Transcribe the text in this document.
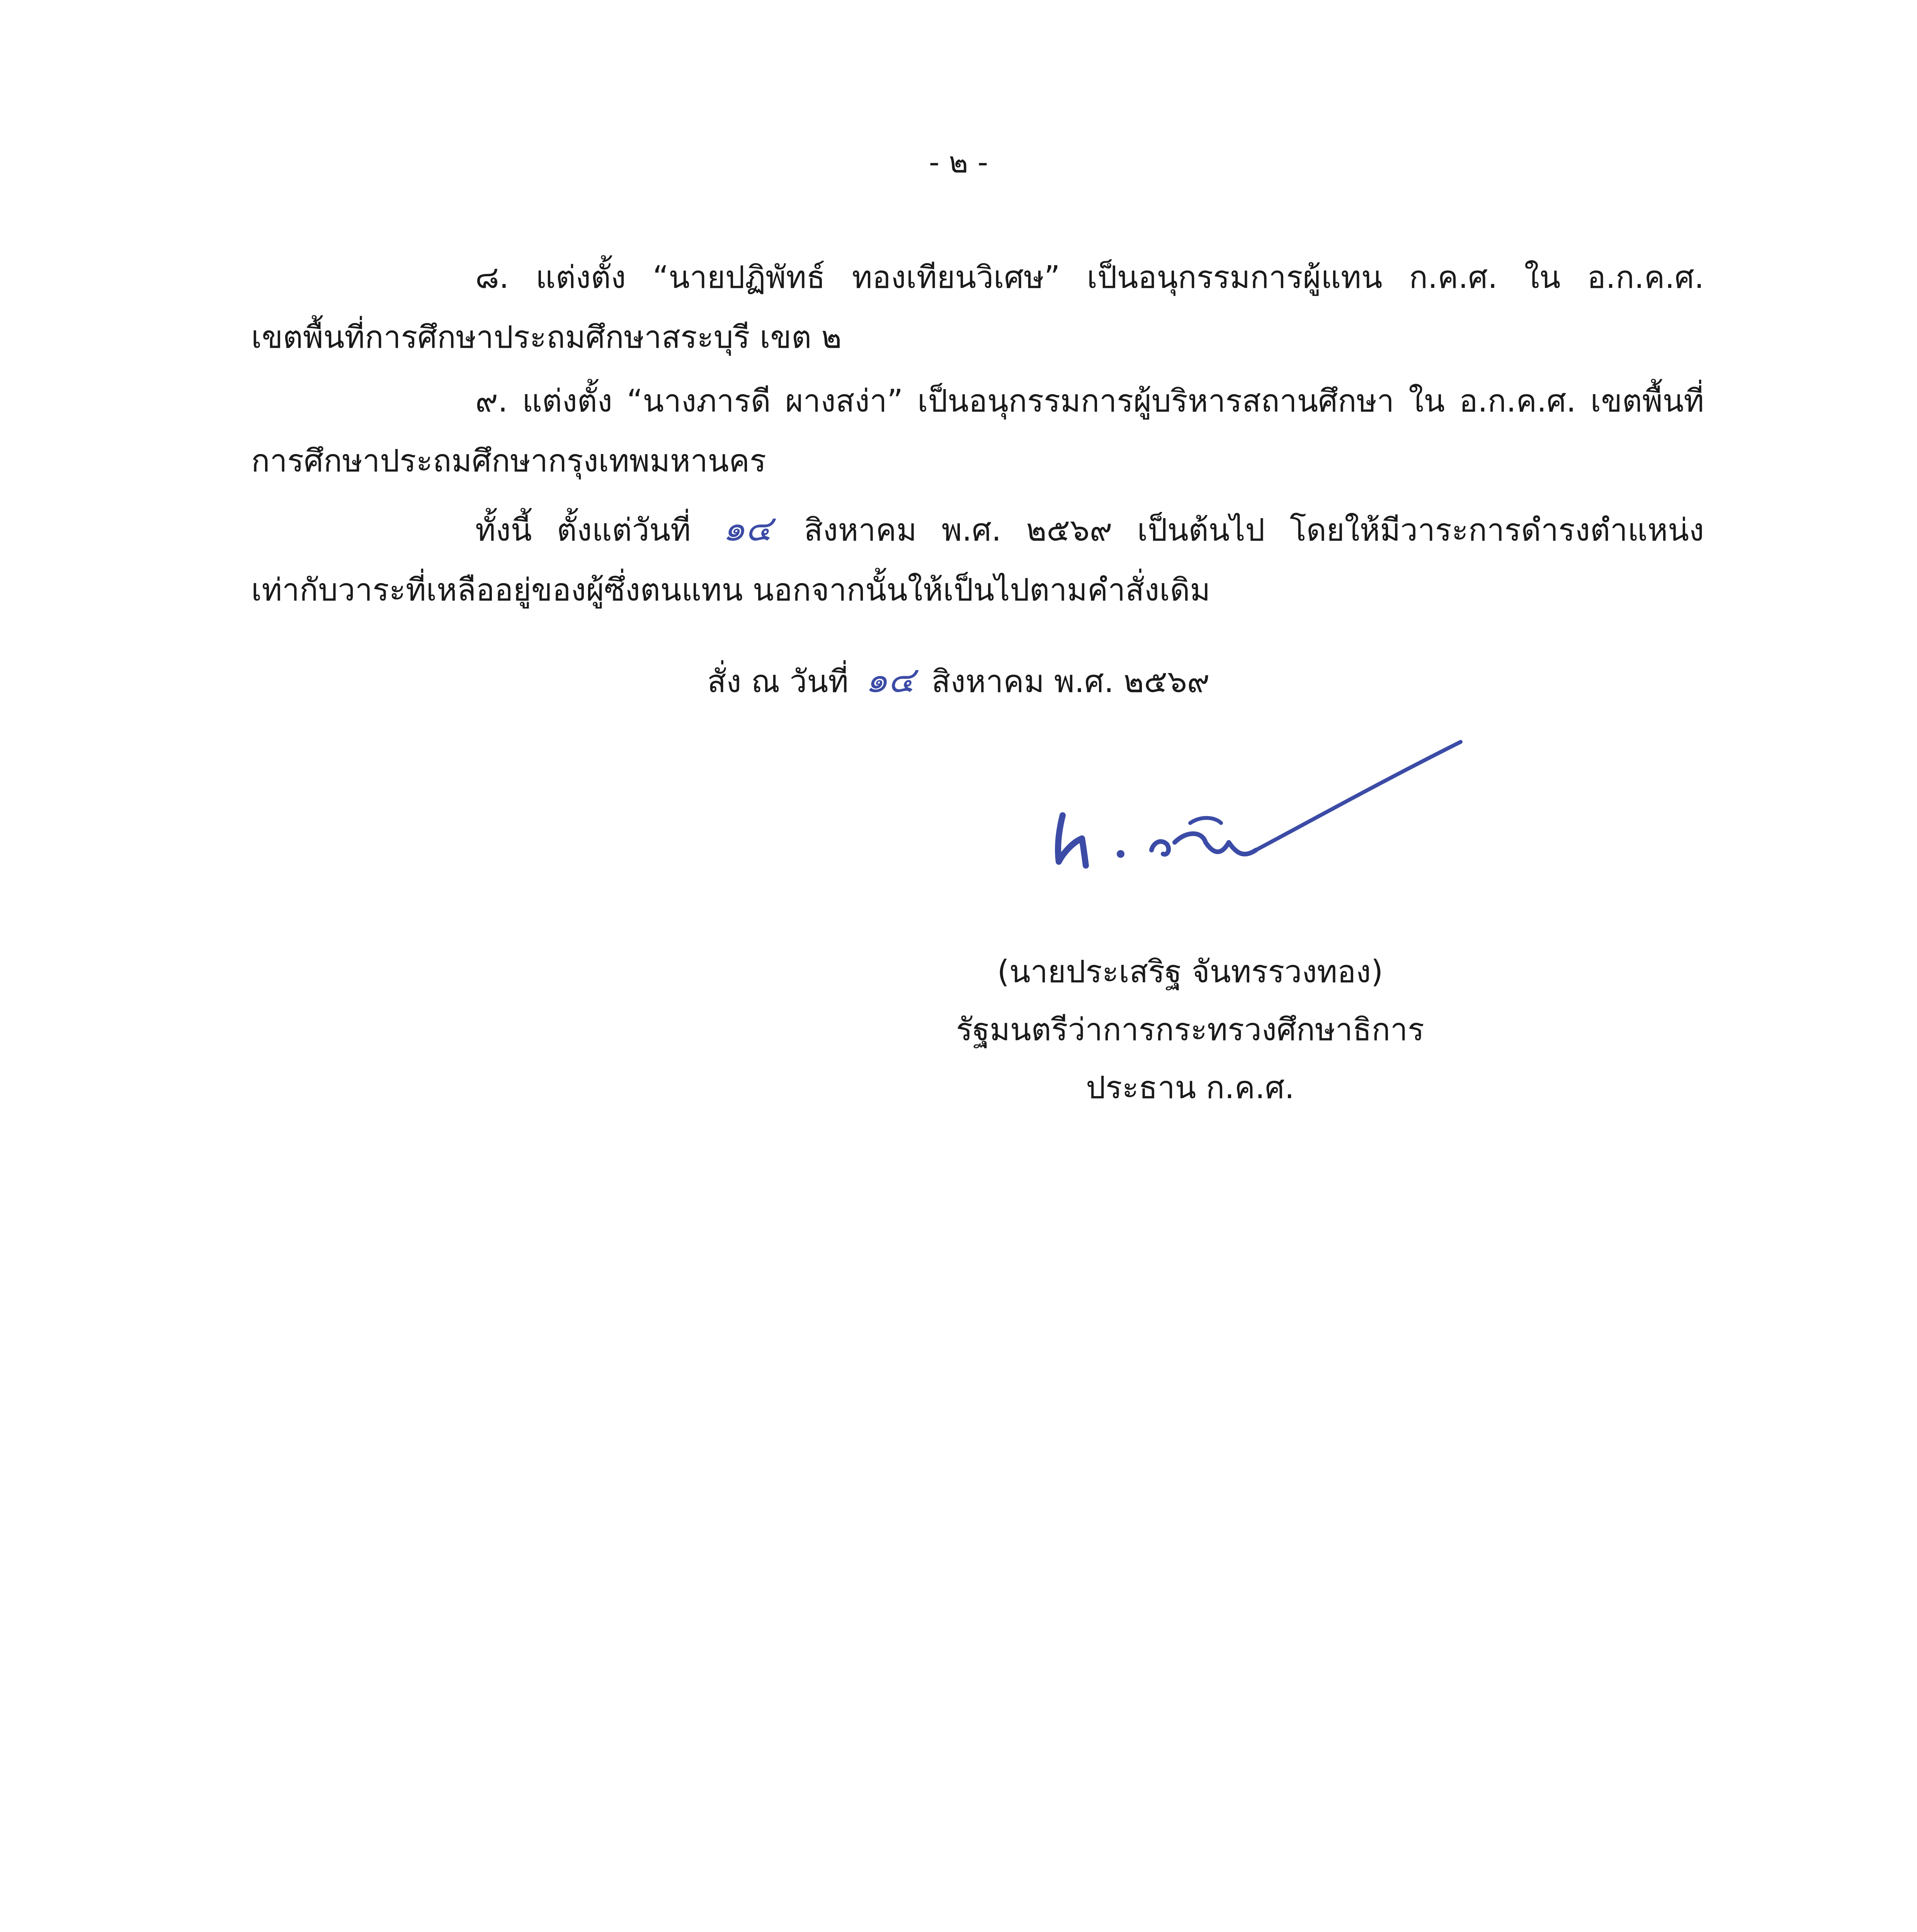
- ๒ -
๘. แต่งตั้ง “นายปฏิพัทธ์ ทองเทียนวิเศษ” เป็นอนุกรรมการผู้แทน ก.ค.ศ. ใน อ.ก.ค.ศ.
เขตพื้นที่การศึกษาประถมศึกษาสระบุรี เขต ๒
๙. แต่งตั้ง “นางภารดี ผางสง่า” เป็นอนุกรรมการผู้บริหารสถานศึกษา ใน อ.ก.ค.ศ. เขตพื้นที่
การศึกษาประถมศึกษากรุงเทพมหานคร
ทั้งนี้ ตั้งแต่วันที่ ๑๔ สิงหาคม พ.ศ. ๒๕๖๙ เป็นต้นไป โดยให้มีวาระการดำรงตำแหน่ง
เท่ากับวาระที่เหลืออยู่ของผู้ซึ่งตนแทน นอกจากนั้นให้เป็นไปตามคำสั่งเดิม
สั่ง ณ วันที่ ๑๔ สิงหาคม พ.ศ. ๒๕๖๙
(นายประเสริฐ จันทรรวงทอง)
รัฐมนตรีว่าการกระทรวงศึกษาธิการ
ประธาน ก.ค.ศ.
